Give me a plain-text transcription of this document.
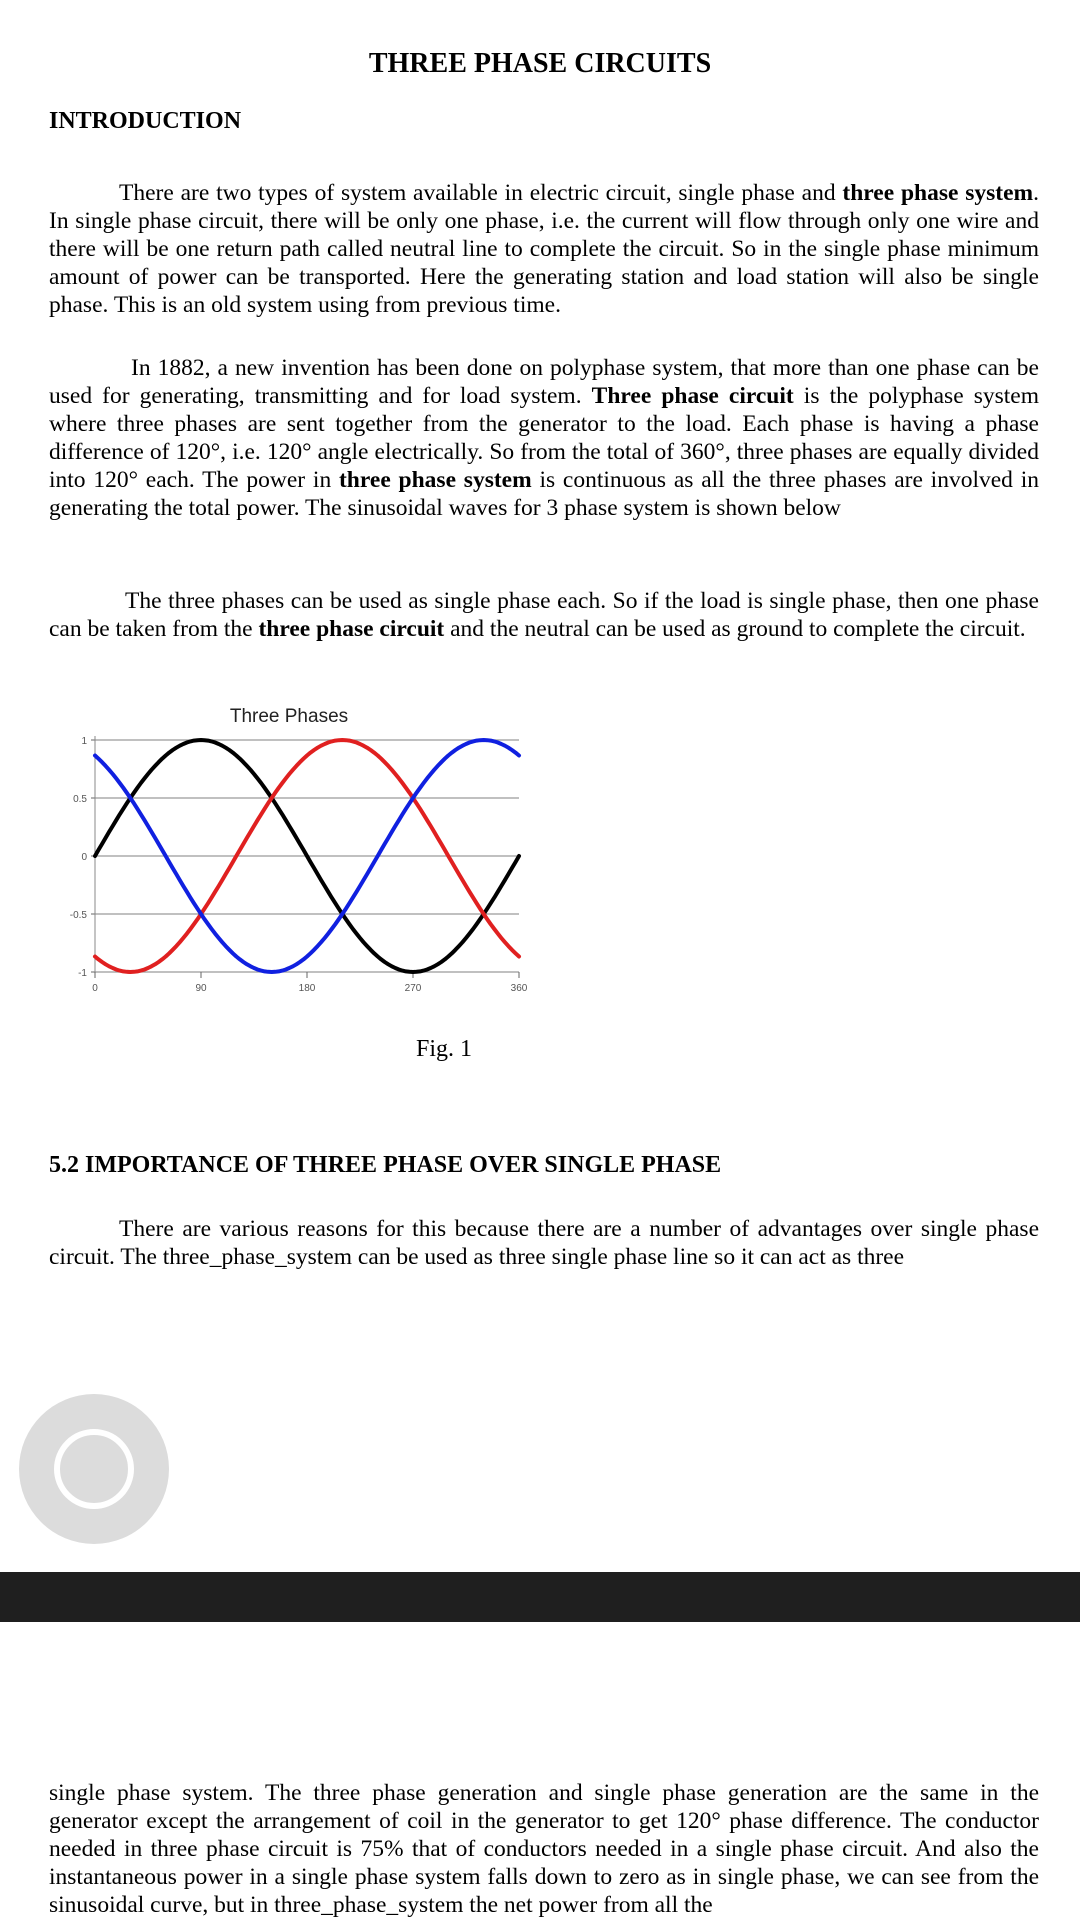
THREE PHASE CIRCUITS
INTRODUCTION

There are two types of system available in electric circuit, single phase and three phase system. In single phase circuit, there will be only one phase, i.e. the current will flow through only one wire and there will be one return path called neutral line to complete the circuit. So in the single phase minimum amount of power can be transported. Here the generating station and load station will also be single phase. This is an old system using from previous time.

In 1882, a new invention has been done on polyphase system, that more than one phase can be used for generating, transmitting and for load system. Three phase circuit is the polyphase system where three phases are sent together from the generator to the load. Each phase is having a phase difference of 120°, i.e. 120° angle electrically. So from the total of 360°, three phases are equally divided into 120° each. The power in three phase system is continuous as all the three phases are involved in generating the total power. The sinusoidal waves for 3 phase system is shown below

The three phases can be used as single phase each. So if the load is single phase, then one phase can be taken from the three phase circuit and the neutral can be used as ground to complete the circuit.

Three Phases
1
0.5
0
-0.5
-1
0	90	180	270	360

Fig. 1

5.2 IMPORTANCE OF THREE PHASE OVER SINGLE PHASE

There are various reasons for this because there are a number of advantages over single phase circuit. The three_phase_system can be used as three single phase line so it can act as three

single phase system. The three phase generation and single phase generation are the same in the generator except the arrangement of coil in the generator to get 120° phase difference. The conductor needed in three phase circuit is 75% that of conductors needed in a single phase circuit. And also the instantaneous power in a single phase system falls down to zero as in single phase, we can see from the sinusoidal curve, but in three_phase_system the net power from all the
